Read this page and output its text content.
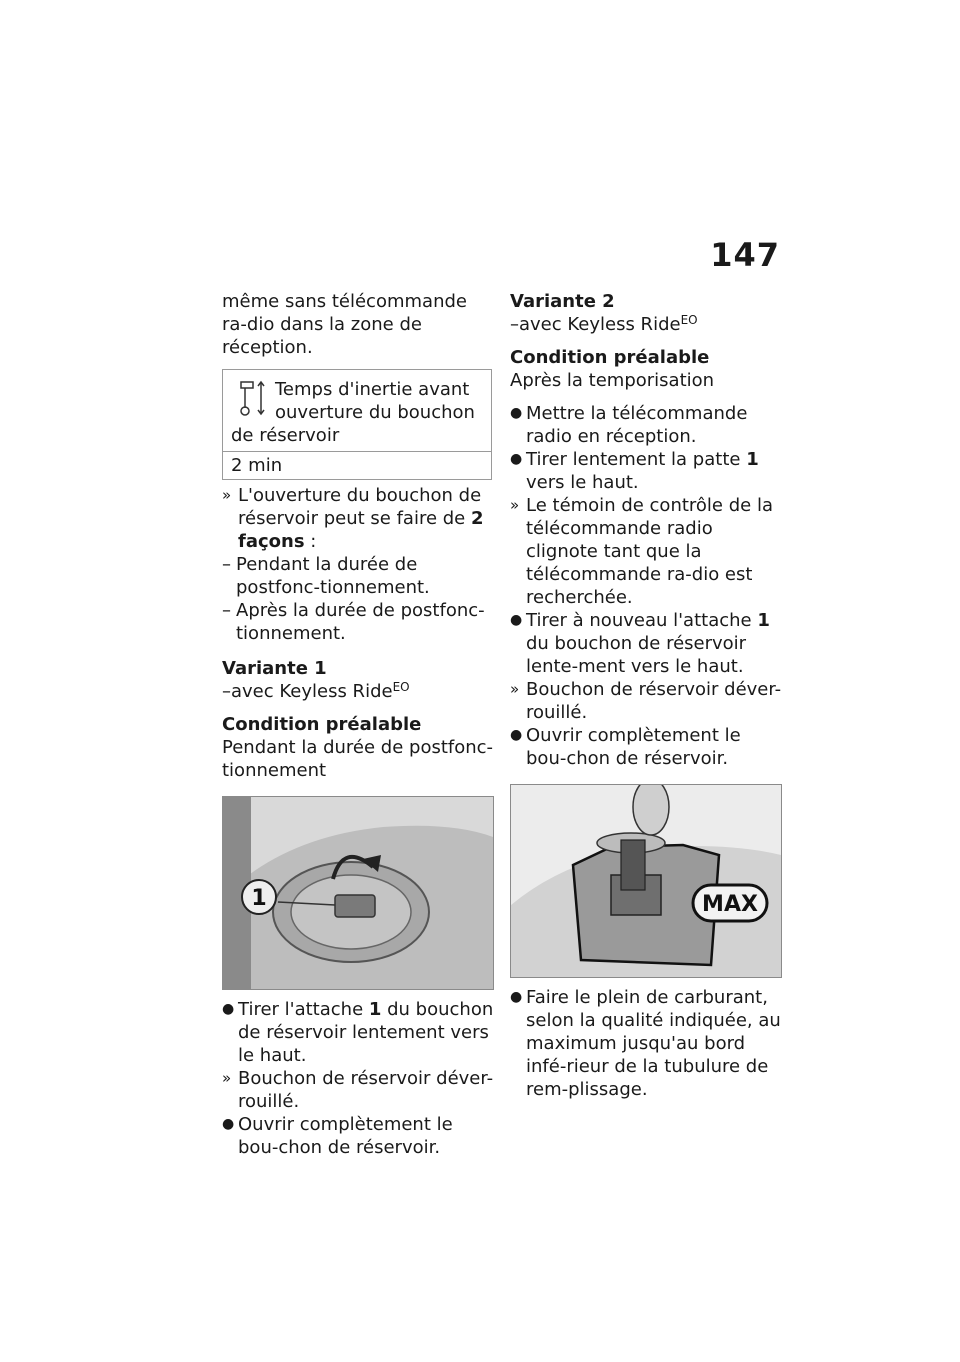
147

même sans télécommande ra-dio dans la zone de réception.

Temps d'inertie avant ouverture du bouchon de réservoir
2 min
» L'ouverture du bouchon de réservoir peut se faire de 2 façons :
– Pendant la durée de postfonc-tionnement.
– Après la durée de postfonc-tionnement.

Variante 1

–avec Keyless Ride$^{EO}$

Condition préalable

Pendant la durée de postfonc-tionnement

1
● Tirer l'attache 1 du bouchon de réservoir lentement vers le haut.
» Bouchon de réservoir déver-rouillé.
● Ouvrir complètement le bou-chon de réservoir.

Variante 2

–avec Keyless Ride$^{EO}$

Condition préalable

Après la temporisation

● Mettre la télécommande radio en réception.
● Tirer lentement la patte 1 vers le haut.
» Le témoin de contrôle de la télécommande radio clignote tant que la télécommande ra-dio est recherchée.
● Tirer à nouveau l'attache 1 du bouchon de réservoir lente-ment vers le haut.
» Bouchon de réservoir déver-rouillé.
● Ouvrir complètement le bou-chon de réservoir.
MAX
● Faire le plein de carburant, selon la qualité indiquée, au maximum jusqu'au bord infé-rieur de la tubulure de rem-plissage.
